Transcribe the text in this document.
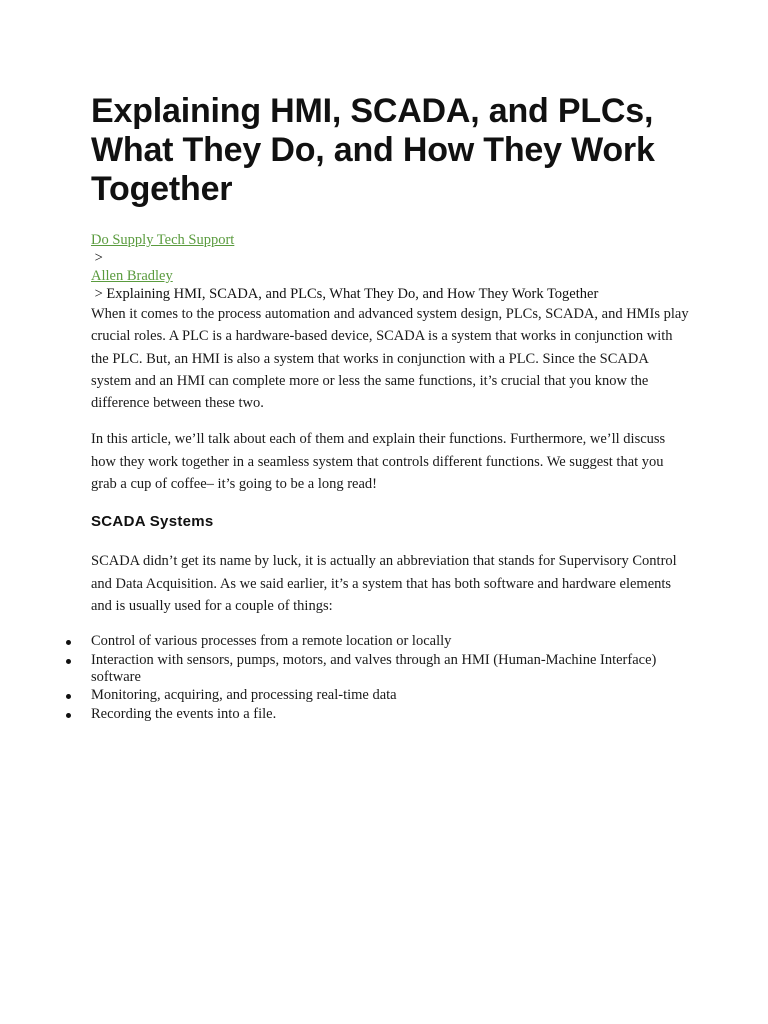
Explaining HMI, SCADA, and PLCs, What They Do, and How They Work Together
Do Supply Tech Support
>
Allen Bradley
> Explaining HMI, SCADA, and PLCs, What They Do, and How They Work Together

When it comes to the process automation and advanced system design, PLCs, SCADA, and HMIs play crucial roles. A PLC is a hardware-based device, SCADA is a system that works in conjunction with the PLC. But, an HMI is also a system that works in conjunction with a PLC. Since the SCADA system and an HMI can complete more or less the same functions, it’s crucial that you know the difference between these two.

In this article, we’ll talk about each of them and explain their functions. Furthermore, we’ll discuss how they work together in a seamless system that controls different functions. We suggest that you grab a cup of coffee– it’s going to be a long read!

SCADA Systems

SCADA didn’t get its name by luck, it is actually an abbreviation that stands for Supervisory Control and Data Acquisition. As we said earlier, it’s a system that has both software and hardware elements and is usually used for a couple of things:

Control of various processes from a remote location or locally
Interaction with sensors, pumps, motors, and valves through an HMI (Human-Machine Interface) software
Monitoring, acquiring, and processing real-time data
Recording the events into a file.
